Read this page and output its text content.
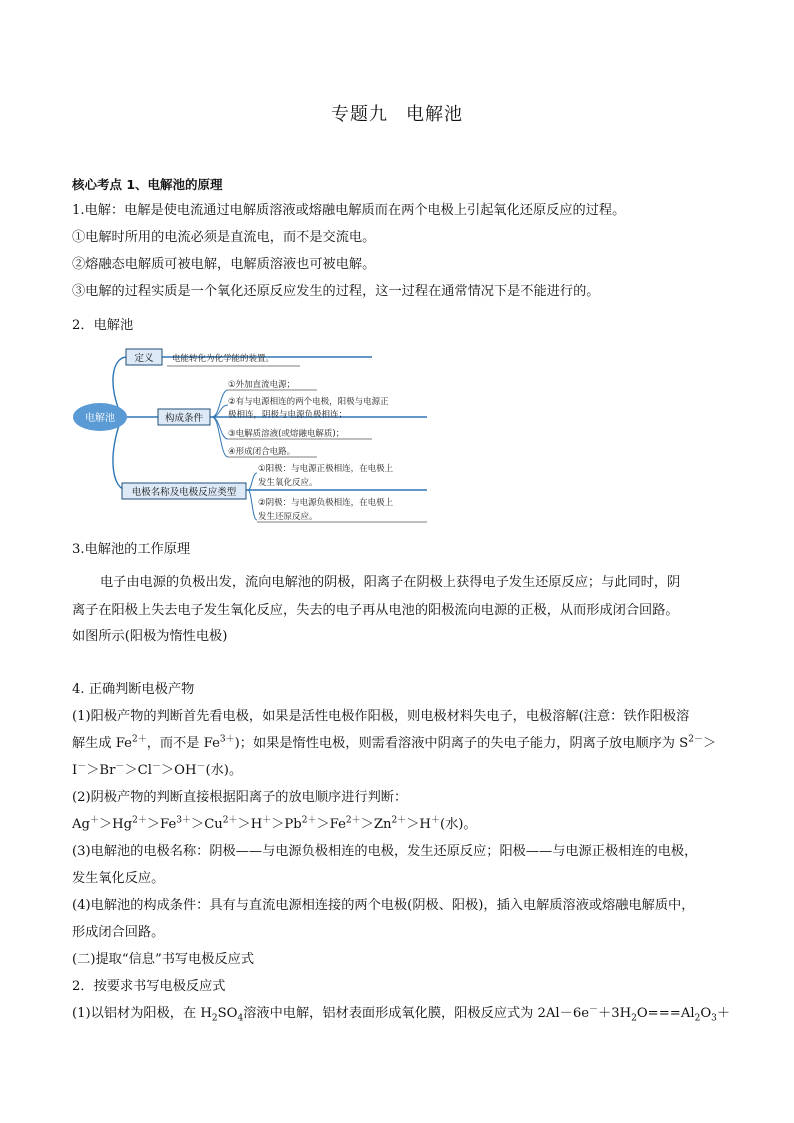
专题九 电解池
核心考点 1、电解池的原理
1.电解：电解是使电流通过电解质溶液或熔融电解质而在两个电极上引起氧化还原反应的过程。
①电解时所用的电流必须是直流电，而不是交流电。
②熔融态电解质可被电解，电解质溶液也可被电解。
③电解的过程实质是一个氧化还原反应发生的过程，这一过程在通常情况下是不能进行的。
2．电解池
电解池
定义 电能转化为化学能的装置。
构成条件
①外加直流电源；
②有与电源相连的两个电极，阳极与电源正
极相连，阴极与电源负极相连；
③电解质溶液(或熔融电解质)；
④形成闭合电路。
电极名称及电极反应类型
①阳极：与电源正极相连，在电极上
发生氧化反应。
②阴极：与电源负极相连，在电极上
发生还原反应。
3.电解池的工作原理
电子由电源的负极出发，流向电解池的阴极，阳离子在阴极上获得电子发生还原反应；与此同时，阴
离子在阳极上失去电子发生氧化反应，失去的电子再从电池的阳极流向电源的正极，从而形成闭合回路。
如图所示(阳极为惰性电极)
4. 正确判断电极产物
(1)阳极产物的判断首先看电极，如果是活性电极作阳极，则电极材料失电子，电极溶解(注意：铁作阳极溶
解生成 $Fe^{2+}$，而不是 $Fe^{3+}$)；如果是惰性电极，则需看溶液中阴离子的失电子能力，阴离子放电顺序为 $S^{2-}>$
I－＞Br－＞Cl－＞OH－(水)。
(2)阴极产物的判断直接根据阳离子的放电顺序进行判断：
$Ag^+>Hg^{2+}>Fe^{3+}>Cu^{2+}>H^+>Pb^{2+}>Fe^{2+}>Zn^{2+}>H^+$(水)。
(3)电解池的电极名称：阴极——与电源负极相连的电极，发生还原反应；阳极——与电源正极相连的电极，
发生氧化反应。
(4)电解池的构成条件：具有与直流电源相连接的两个电极(阴极、阳极)，插入电解质溶液或熔融电解质中，
形成闭合回路。
(二)提取“信息”书写电极反应式
2．按要求书写电极反应式
(1)以铝材为阳极，在 $H_2SO_4$溶液中电解，铝材表面形成氧化膜，阳极反应式为 $2Al-6e^-+3H_2O===Al_2O_3+$
